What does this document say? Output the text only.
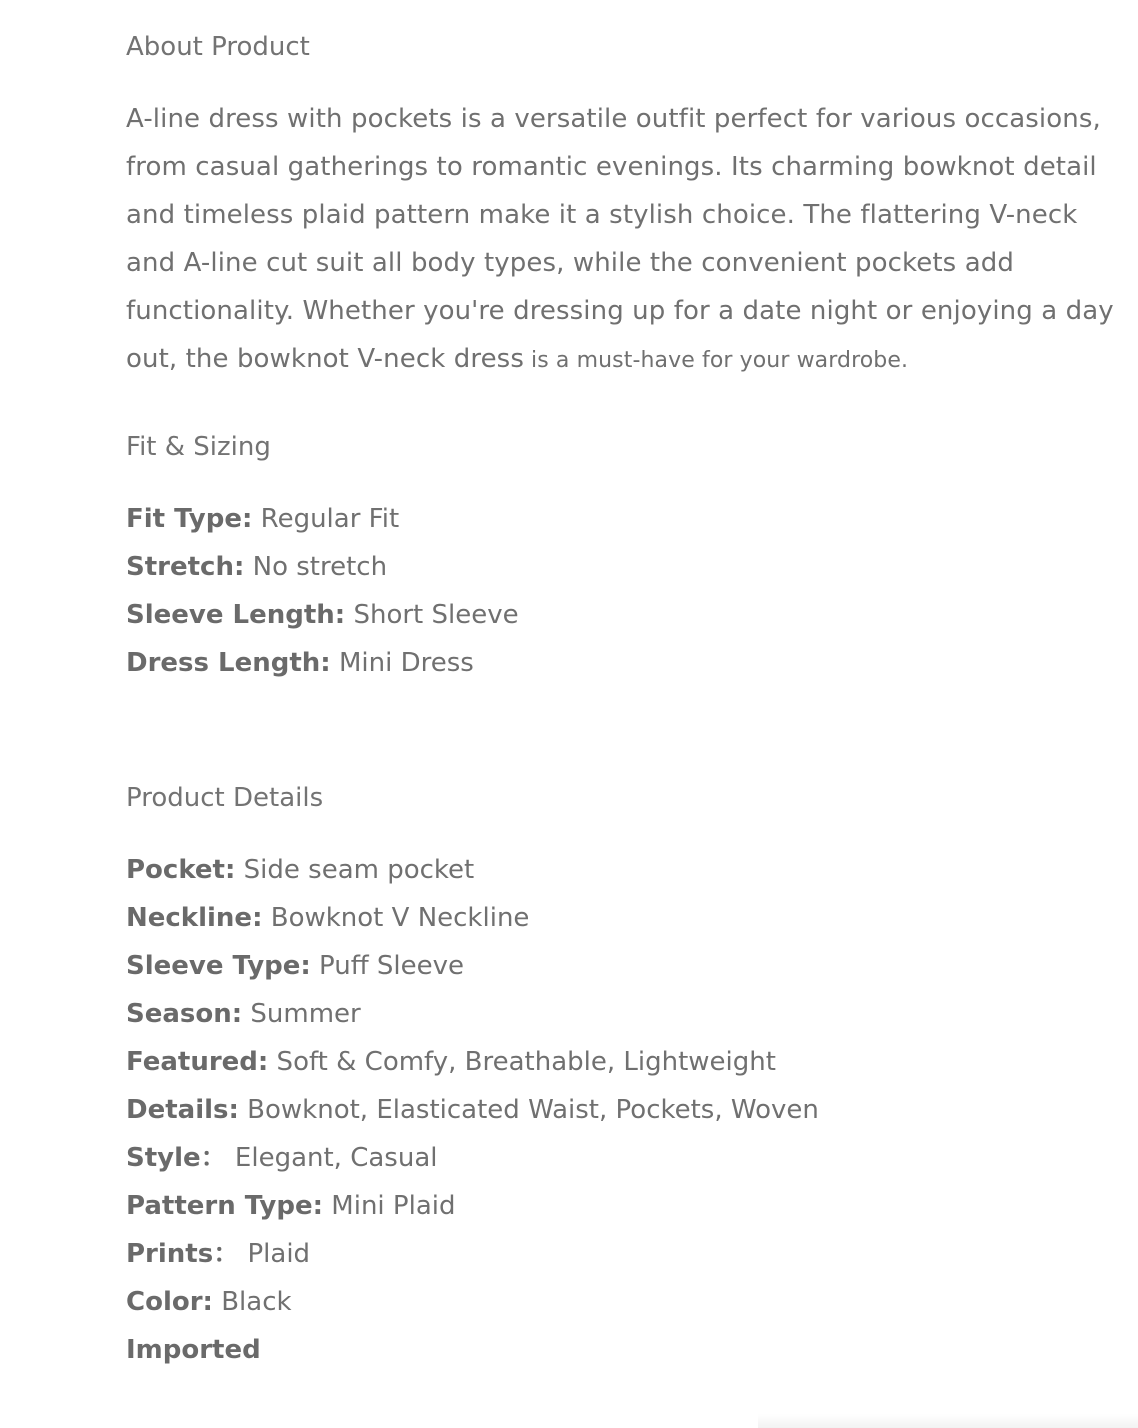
About Product

A-line dress with pockets is a versatile outfit perfect for various occasions, from casual gatherings to romantic evenings. Its charming bowknot detail and timeless plaid pattern make it a stylish choice. The flattering V-neck and A-line cut suit all body types, while the convenient pockets add functionality. Whether you're dressing up for a date night or enjoying a day out, the bowknot V-neck dress is a must-have for your wardrobe.

Fit & Sizing
Fit Type: Regular Fit
Stretch: No stretch
Sleeve Length: Short Sleeve
Dress Length: Mini Dress
Product Details
Pocket: Side seam pocket
Neckline: Bowknot V Neckline
Sleeve Type: Puff Sleeve
Season: Summer
Featured: Soft & Comfy, Breathable, Lightweight
Details: Bowknot, Elasticated Waist, Pockets, Woven
Style： Elegant, Casual
Pattern Type: Mini Plaid
Prints： Plaid
Color: Black
Imported
